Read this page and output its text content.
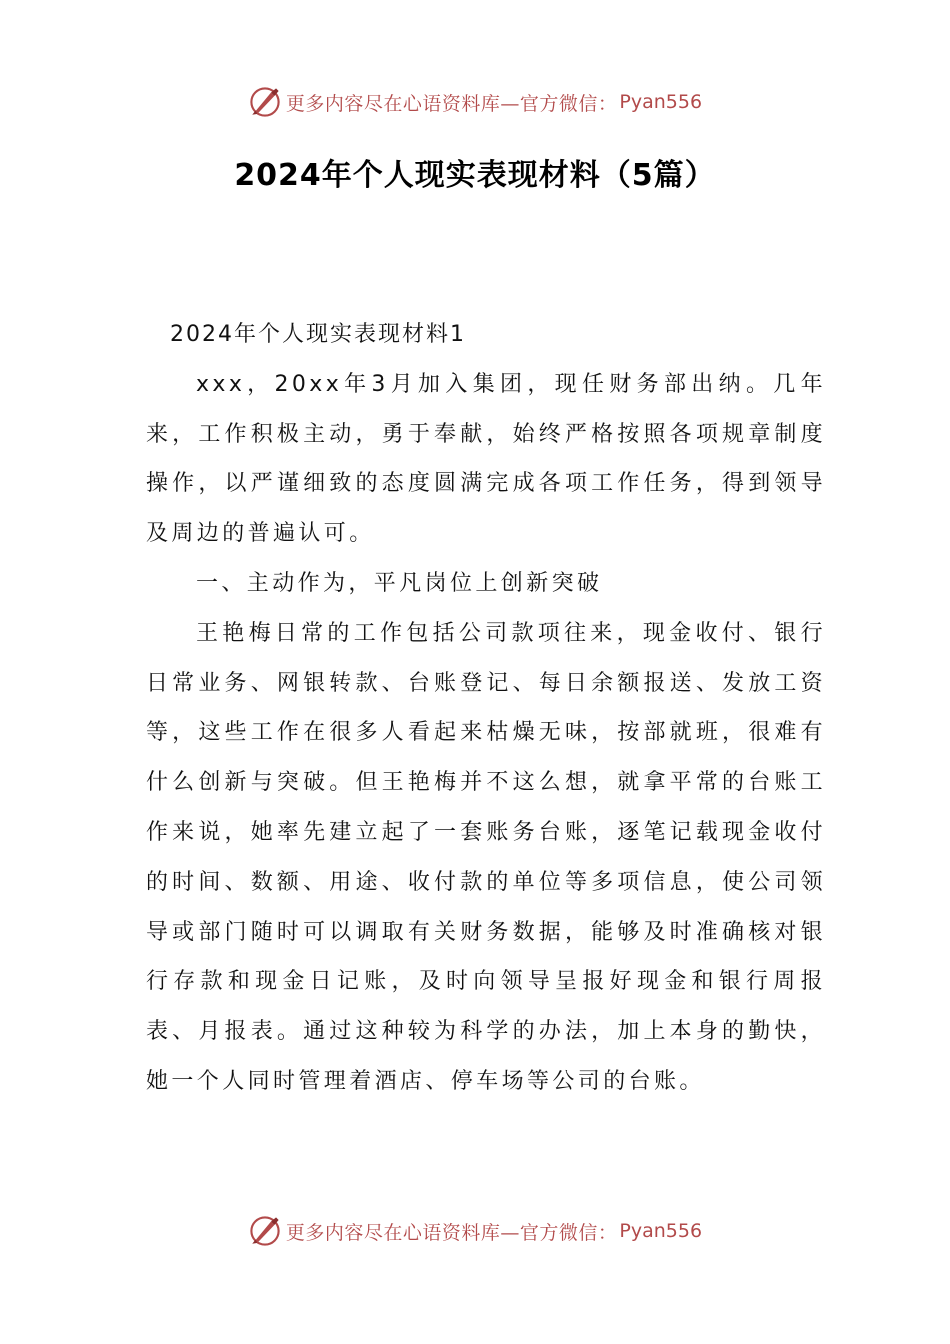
更多内容尽在心语资料库—官方微信： Pyan556
2024年个人现实表现材料（5篇）

2024年个人现实表现材料1

xxx，20xx年3月加入集团，现任财务部出纳。几年来，工作积极主动，勇于奉献，始终严格按照各项规章制度操作，以严谨细致的态度圆满完成各项工作任务，得到领导及周边的普遍认可。

一、主动作为，平凡岗位上创新突破

王艳梅日常的工作包括公司款项往来，现金收付、银行日常业务、网银转款、台账登记、每日余额报送、发放工资等，这些工作在很多人看起来枯燥无味，按部就班，很难有什么创新与突破。但王艳梅并不这么想，就拿平常的台账工作来说，她率先建立起了一套账务台账，逐笔记载现金收付的时间、数额、用途、收付款的单位等多项信息，使公司领导或部门随时可以调取有关财务数据，能够及时准确核对银行存款和现金日记账，及时向领导呈报好现金和银行周报表、月报表。通过这种较为科学的办法，加上本身的勤快，她一个人同时管理着酒店、停车场等公司的台账。

更多内容尽在心语资料库—官方微信： Pyan556
